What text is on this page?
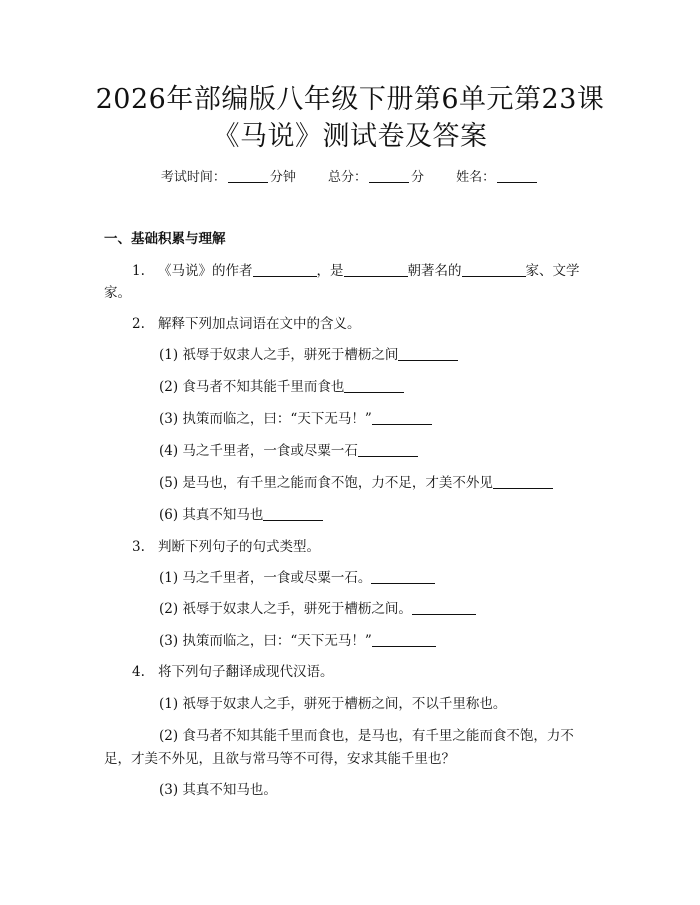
2026年部编版八年级下册第6单元第23课
《马说》测试卷及答案
考试时间：	分钟 总分：	分 姓名：
一、基础积累与理解
1. 《马说》的作者	，是	朝著名的	家、文学
家。
2. 解释下列加点词语在文中的含义。
(1) 祇辱于奴隶人之手，骈死于槽枥之间
(2) 食马者不知其能千里而食也
(3) 执策而临之，曰：“天下无马！”
(4) 马之千里者，一食或尽粟一石
(5) 是马也，有千里之能而食不饱，力不足，才美不外见
(6) 其真不知马也
3. 判断下列句子的句式类型。
(1) 马之千里者，一食或尽粟一石。
(2) 祇辱于奴隶人之手，骈死于槽枥之间。
(3) 执策而临之，曰：“天下无马！”
4. 将下列句子翻译成现代汉语。
(1) 祇辱于奴隶人之手，骈死于槽枥之间，不以千里称也。
(2) 食马者不知其能千里而食也，是马也，有千里之能而食不饱，力不
足，才美不外见，且欲与常马等不可得，安求其能千里也？
(3) 其真不知马也。
